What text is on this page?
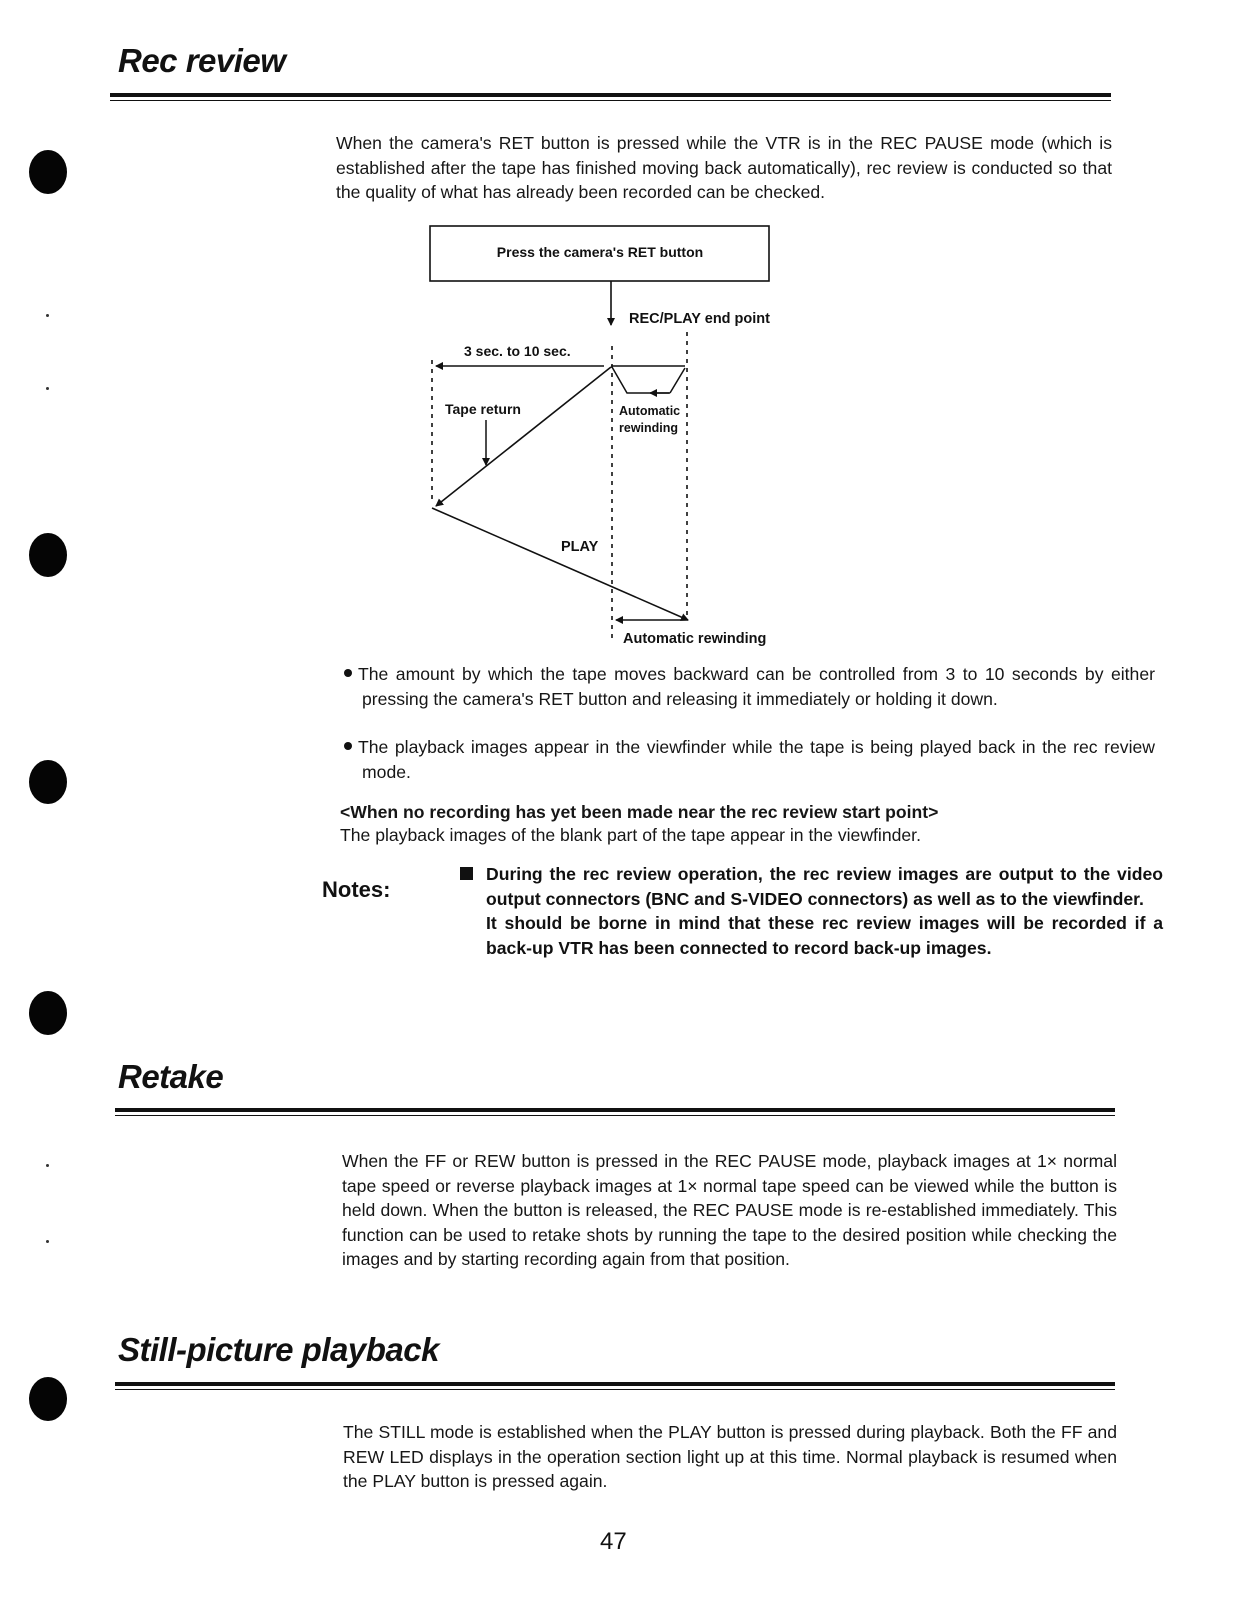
Rec review

When the camera's RET button is pressed while the VTR is in the REC PAUSE mode (which is established after the tape has finished moving back automatically), rec review is conducted so that the quality of what has already been recorded can be checked.

Press the camera's RET button
REC/PLAY end point
3 sec. to 10 sec.
Tape return	Automatic
rewinding
PLAY
Automatic rewinding

The amount by which the tape moves backward can be controlled from 3 to 10 seconds by either pressing the camera's RET button and releasing it immediately or holding it down.

The playback images appear in the viewfinder while the tape is being played back in the rec review mode.

<When no recording has yet been made near the rec review start point>

The playback images of the blank part of the tape appear in the viewfinder.

Notes:

During the rec review operation, the rec review images are output to the video output connectors (BNC and S-VIDEO connectors) as well as to the viewfinder.

It should be borne in mind that these rec review images will be recorded if a back-up VTR has been connected to record back-up images.

Retake

When the FF or REW button is pressed in the REC PAUSE mode, playback images at 1× normal tape speed or reverse playback images at 1× normal tape speed can be viewed while the button is held down. When the button is released, the REC PAUSE mode is re-established immediately. This function can be used to retake shots by running the tape to the desired position while checking the images and by starting recording again from that position.

Still-picture playback

The STILL mode is established when the PLAY button is pressed during playback. Both the FF and REW LED displays in the operation section light up at this time. Normal playback is resumed when the PLAY button is pressed again.

47
